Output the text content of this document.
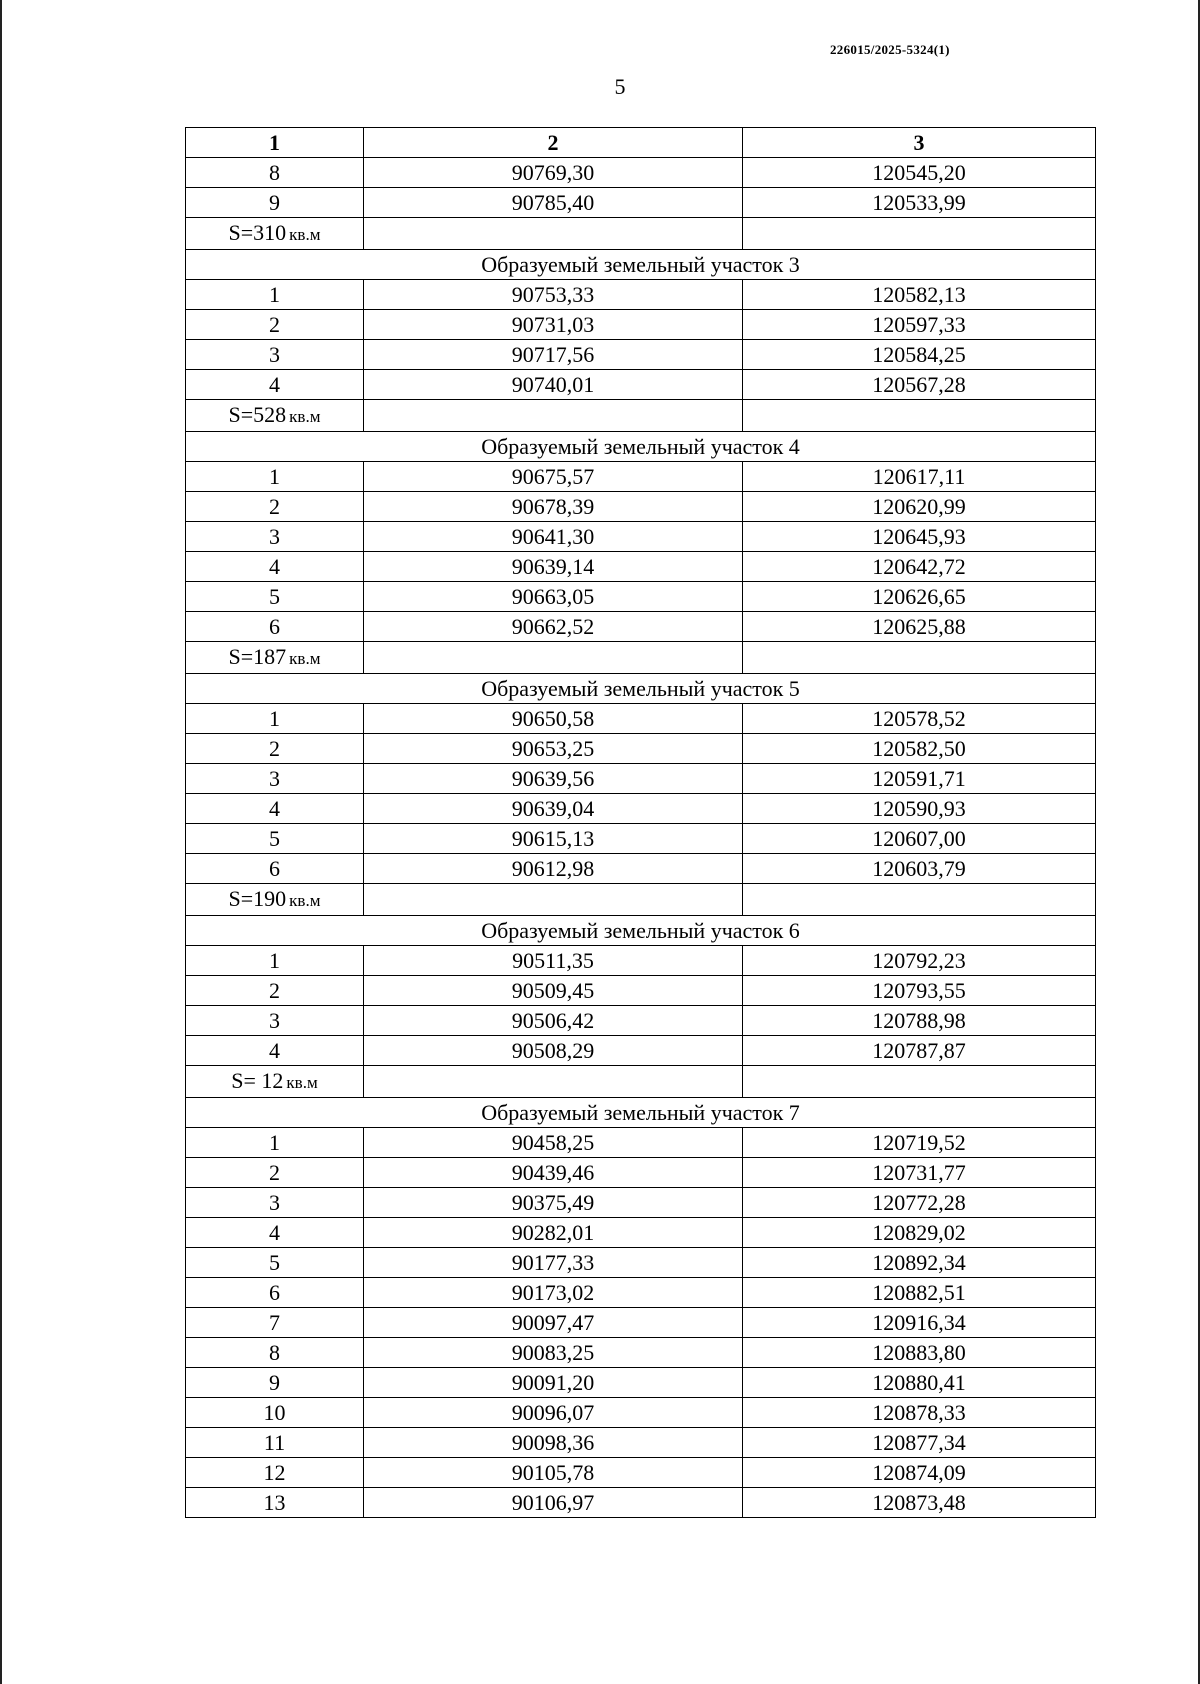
226015/2025-5324(1)
5
1	2	3
8	90769,30	120545,20
9	90785,40	120533,99
S=310 кв.м		
Образуемый земельный участок 3		
1	90753,33	120582,13
2	90731,03	120597,33
3	90717,56	120584,25
4	90740,01	120567,28
S=528 кв.м		
Образуемый земельный участок 4		
1	90675,57	120617,11
2	90678,39	120620,99
3	90641,30	120645,93
4	90639,14	120642,72
5	90663,05	120626,65
6	90662,52	120625,88
S=187 кв.м		
Образуемый земельный участок 5		
1	90650,58	120578,52
2	90653,25	120582,50
3	90639,56	120591,71
4	90639,04	120590,93
5	90615,13	120607,00
6	90612,98	120603,79
S=190 кв.м		
Образуемый земельный участок 6		
1	90511,35	120792,23
2	90509,45	120793,55
3	90506,42	120788,98
4	90508,29	120787,87
S= 12 кв.м		
Образуемый земельный участок 7		
1	90458,25	120719,52
2	90439,46	120731,77
3	90375,49	120772,28
4	90282,01	120829,02
5	90177,33	120892,34
6	90173,02	120882,51
7	90097,47	120916,34
8	90083,25	120883,80
9	90091,20	120880,41
10	90096,07	120878,33
11	90098,36	120877,34
12	90105,78	120874,09
13	90106,97	120873,48
